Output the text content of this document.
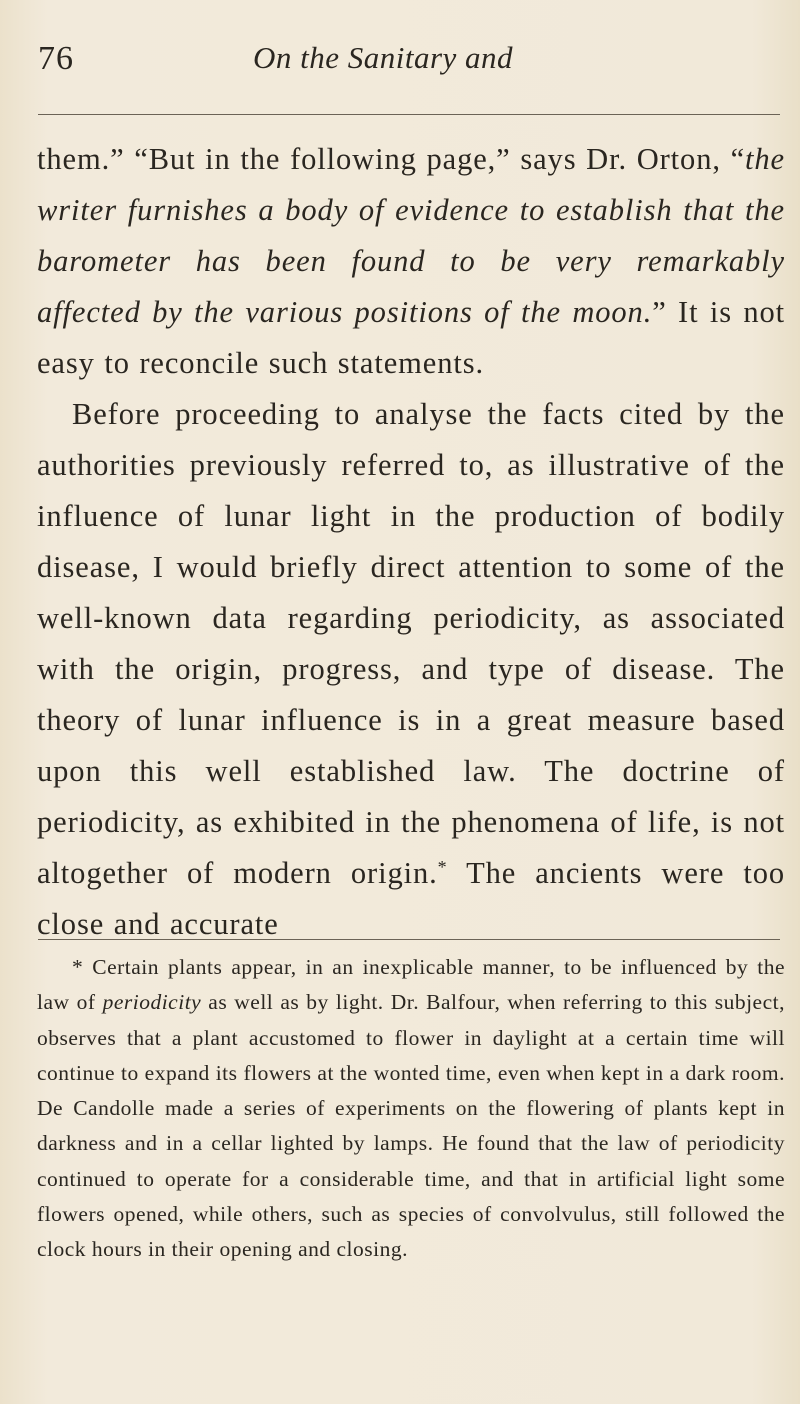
76	On the Sanitary and

them.” “But in the following page,” says Dr. Orton, “the writer furnishes a body of evidence to establish that the barometer has been found to be very remarkably affected by the various positions of the moon.” It is not easy to reconcile such statements.

Before proceeding to analyse the facts cited by the authorities previously referred to, as illustrative of the influence of lunar light in the production of bodily disease, I would briefly direct attention to some of the well-known data regarding periodicity, as associated with the origin, progress, and type of disease. The theory of lunar influence is in a great measure based upon this well established law. The doctrine of periodicity, as exhibited in the phenomena of life, is not altogether of modern origin.* The ancients were too close and accurate

* Certain plants appear, in an inexplicable manner, to be influenced by the law of periodicity as well as by light. Dr. Balfour, when referring to this subject, observes that a plant accustomed to flower in daylight at a certain time will continue to expand its flowers at the wonted time, even when kept in a dark room. De Candolle made a series of experiments on the flowering of plants kept in darkness and in a cellar lighted by lamps. He found that the law of periodicity continued to operate for a considerable time, and that in artificial light some flowers opened, while others, such as species of convolvulus, still followed the clock hours in their opening and closing.
